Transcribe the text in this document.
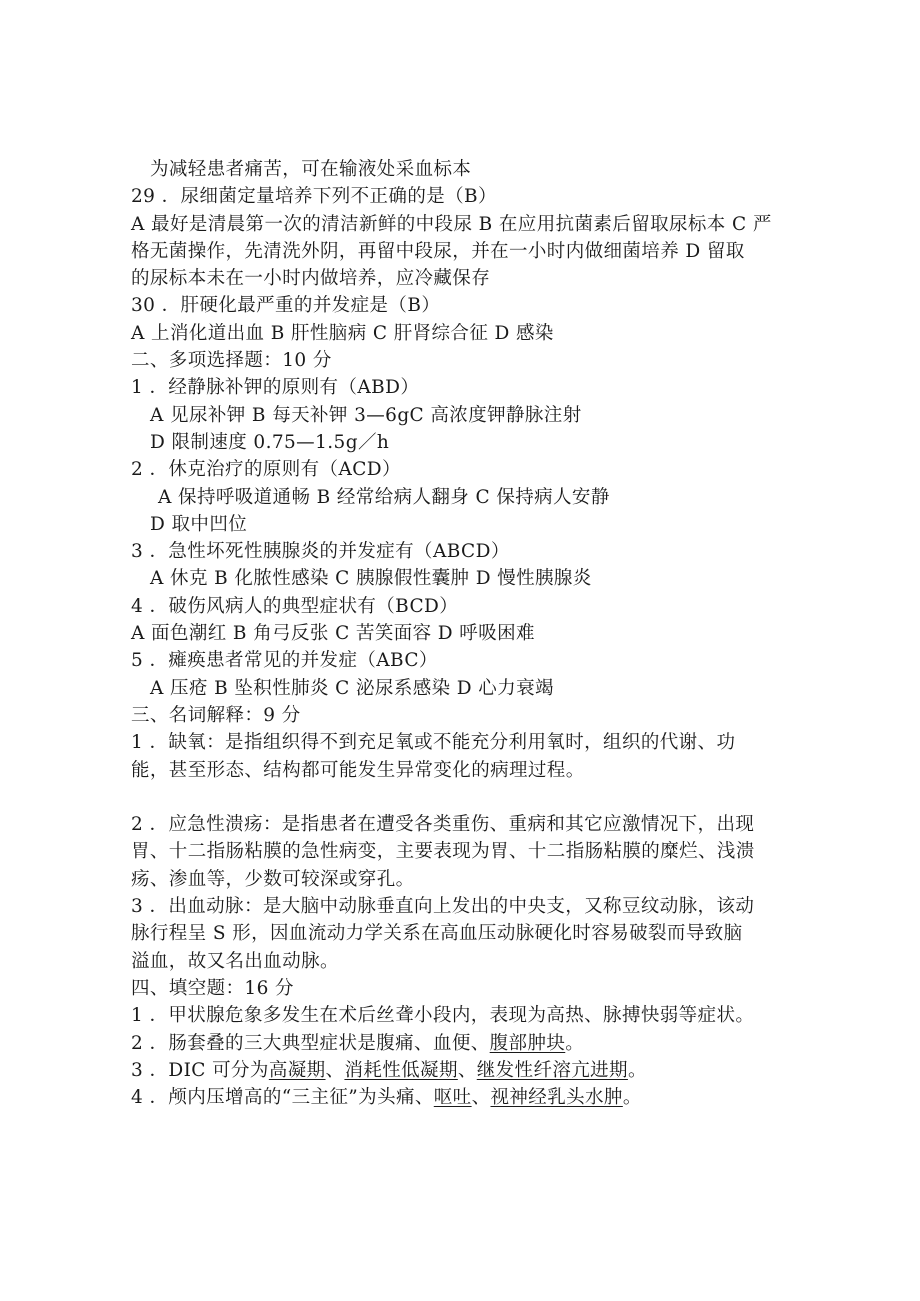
为减轻患者痛苦，可在输液处采血标本
29 ．尿细菌定量培养下列不正确的是（B）
A 最好是清晨第一次的清洁新鲜的中段尿 B 在应用抗菌素后留取尿标本 C 严
格无菌操作，先清洗外阴，再留中段尿，并在一小时内做细菌培养 D 留取
的尿标本未在一小时内做培养，应冷藏保存
30 ．肝硬化最严重的并发症是（B）
A 上消化道出血 B 肝性脑病 C 肝肾综合征 D 感染
二、多项选择题：10 分
1 ．经静脉补钾的原则有（ABD）
A 见尿补钾 B 每天补钾 3—6gC 高浓度钾静脉注射
D 限制速度 0.75—1.5g／h
2 ．休克治疗的原则有（ACD）
A 保持呼吸道通畅 B 经常给病人翻身 C 保持病人安静
D 取中凹位
3 ．急性坏死性胰腺炎的并发症有（ABCD）
A 休克 B 化脓性感染 C 胰腺假性囊肿 D 慢性胰腺炎
4 ．破伤风病人的典型症状有（BCD）
A 面色潮红 B 角弓反张 C 苦笑面容 D 呼吸困难
5 ．瘫痪患者常见的并发症（ABC）
A 压疮 B 坠积性肺炎 C 泌尿系感染 D 心力衰竭
三、名词解释：9 分
1 ．缺氧：是指组织得不到充足氧或不能充分利用氧时，组织的代谢、功
能，甚至形态、结构都可能发生异常变化的病理过程。
2 ．应急性溃疡：是指患者在遭受各类重伤、重病和其它应激情况下，出现
胃、十二指肠粘膜的急性病变，主要表现为胃、十二指肠粘膜的糜烂、浅溃
疡、渗血等，少数可较深或穿孔。
3 ．出血动脉：是大脑中动脉垂直向上发出的中央支，又称豆纹动脉，该动
脉行程呈 S 形，因血流动力学关系在高血压动脉硬化时容易破裂而导致脑
溢血，故又名出血动脉。
四、填空题：16 分
1 ．甲状腺危象多发生在术后丝聋小段内，表现为高热、脉搏快弱等症状。
2 ．肠套叠的三大典型症状是腹痛、血便、腹部肿块。
3 ．DIC 可分为高凝期、消耗性低凝期、继发性纤溶亢进期。
4 ．颅内压增高的“三主征”为头痛、呕吐、视神经乳头水肿。
